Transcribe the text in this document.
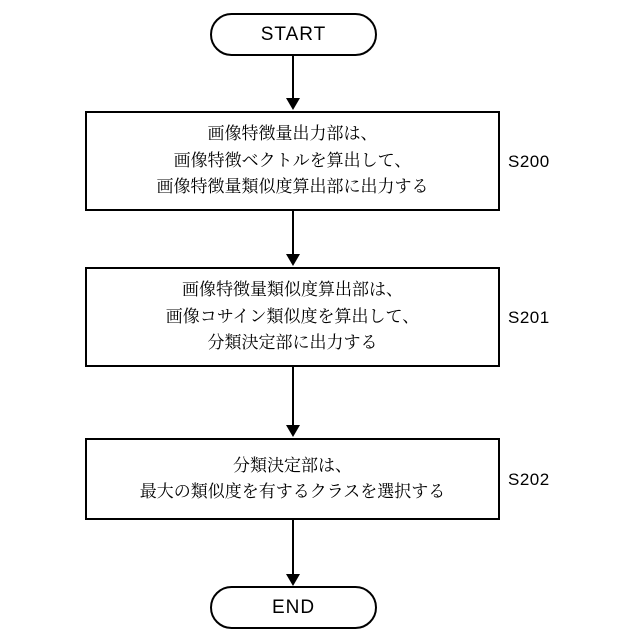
START
画像特徴量出力部は、
画像特徴ベクトルを算出して、
画像特徴量類似度算出部に出力する
S200
画像特徴量類似度算出部は、
画像コサイン類似度を算出して、
分類決定部に出力する
S201
分類決定部は、
最大の類似度を有するクラスを選択する
S202
END
